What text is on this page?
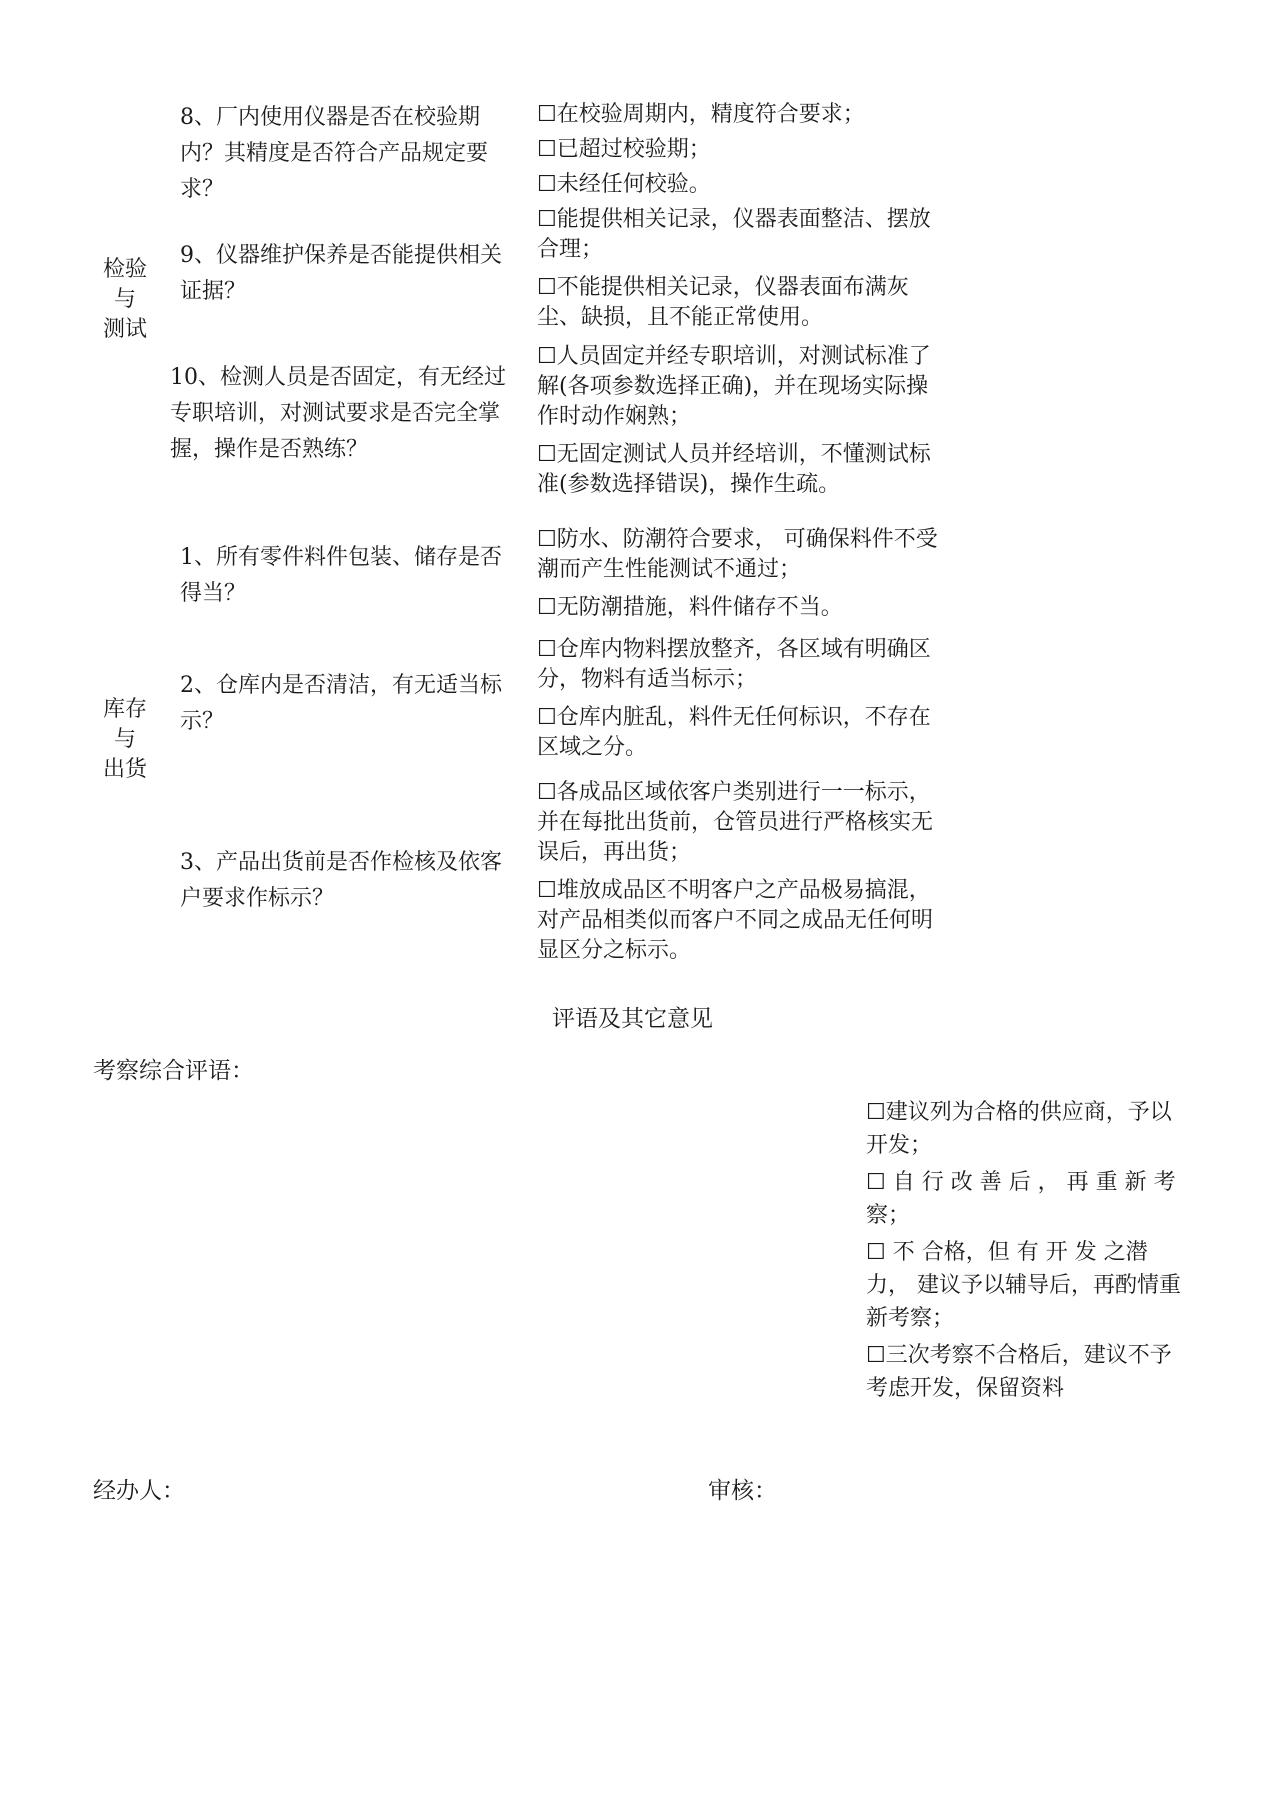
检验
与
测试
8、厂内使用仪器是否在校验期内？其精度是否符合产品规定要求？
☐在校验周期内，精度符合要求；
☐已超过校验期；
☐未经任何校验。
9、仪器维护保养是否能提供相关证据？
☐能提供相关记录，仪器表面整洁、摆放合理；
☐不能提供相关记录，仪器表面布满灰尘、缺损，且不能正常使用。
10、检测人员是否固定，有无经过专职培训，对测试要求是否完全掌握，操作是否熟练？
☐人员固定并经专职培训，对测试标准了解(各项参数选择正确)，并在现场实际操作时动作娴熟；
☐无固定测试人员并经培训，不懂测试标准(参数选择错误)，操作生疏。
库存
与
出货
1、所有零件料件包装、储存是否得当？
☐防水、防潮符合要求， 可确保料件不受潮而产生性能测试不通过；
☐无防潮措施，料件储存不当。
2、仓库内是否清洁，有无适当标示？
☐仓库内物料摆放整齐，各区域有明确区分，物料有适当标示；
☐仓库内脏乱，料件无任何标识，不存在区域之分。
3、产品出货前是否作检核及依客户要求作标示？
☐各成品区域依客户类别进行一一标示，并在每批出货前，仓管员进行严格核实无误后，再出货；
☐堆放成品区不明客户之产品极易搞混，对产品相类似而客户不同之成品无任何明显区分之标示。
评语及其它意见
考察综合评语：
☐建议列为合格的供应商，予以开发；
☐ 自 行 改 善 后 ， 再 重 新 考察；
☐ 不 合格，但 有 开 发 之潜力， 建议予以辅导后，再酌情重新考察；
☐三次考察不合格后，建议不予考虑开发，保留资料
经办人：	审核：
